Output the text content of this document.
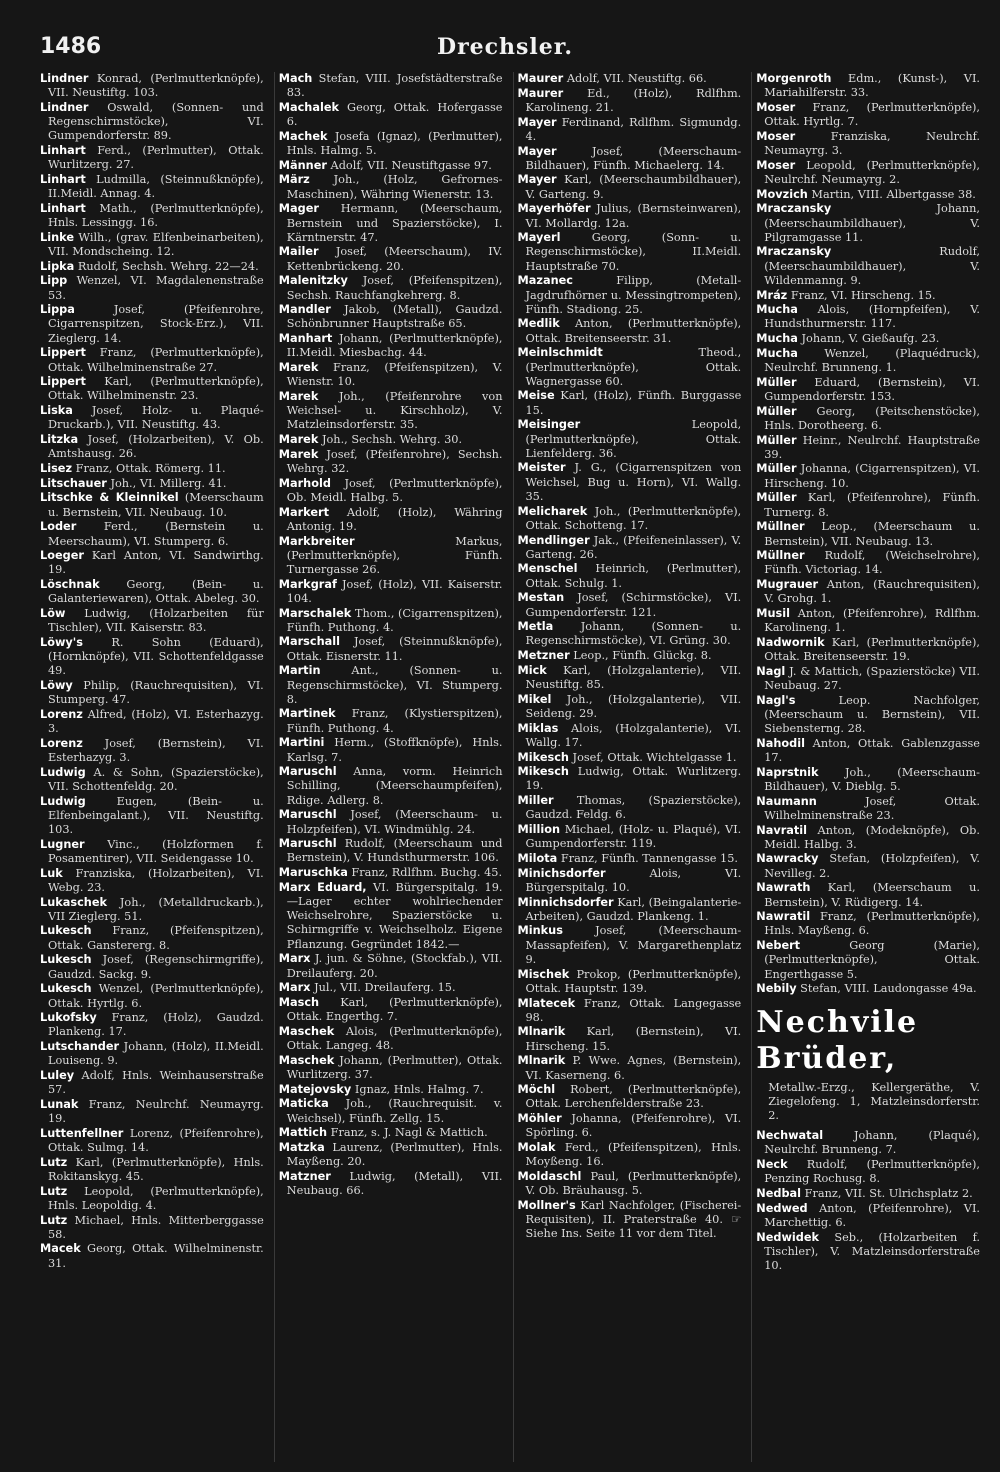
1486	Drechsler.
Lindner Konrad, (Perlmutterknöpfe), VII. Neustiftg. 103.
Lindner Oswald, (Sonnen- und Regenschirmstöcke), VI. Gumpendorferstr. 89.
Linhart Ferd., (Perlmutter), Ottak. Wurlitzerg. 27.
Linhart Ludmilla, (Steinnußknöpfe), II.Meidl. Annag. 4.
Linhart Math., (Perlmutterknöpfe), Hnls. Lessingg. 16.
Linke Wilh., (grav. Elfenbeinarbeiten), VII. Mondscheing. 12.
Lipka Rudolf, Sechsh. Wehrg. 22—24.
Lipp Wenzel, VI. Magdalenenstraße 53.
Lippa	Josef, (Pfeifenrohre, Cigarrenspitzen, Stock-Erz.), VII. Zieglerg. 14.
Lippert Franz, (Perlmutterknöpfe), Ottak. Wilhelminenstraße 27.
Lippert Karl, (Perlmutterknöpfe), Ottak. Wilhelminenstr. 23.
Liska Josef, Holz- u. Plaqué-Druckarb.), VII. Neustiftg. 43.
Litzka Josef, (Holzarbeiten), V. Ob. Amtshausg. 26.
Lisez Franz, Ottak. Römerg. 11.
Litschauer Joh., VI. Millerg. 41.
Litschke & Kleinnikel (Meerschaum u. Bernstein, VII. Neubaug. 10.
Loder Ferd., (Bernstein u. Meerschaum), VI. Stumperg. 6.
Loeger Karl Anton, VI. Sandwirthg. 19.
Löschnak Georg, (Bein- u. Galanteriewaren), Ottak. Abeleg. 30.
Löw Ludwig, (Holzarbeiten für Tischler), VII. Kaiserstr. 83.
Löwy's	R. Sohn (Eduard), (Hornknöpfe), VII. Schottenfeldgasse 49.
Löwy Philip, (Rauchrequisiten), VI. Stumperg. 47.
Lorenz Alfred, (Holz), VI. Esterhazyg. 3.
Lorenz Josef, (Bernstein), VI. Esterhazyg. 3.
Ludwig A. & Sohn, (Spazierstöcke), VII. Schottenfeldg. 20.
Ludwig	Eugen, (Bein- u. Elfenbeingalant.), VII. Neustiftg. 103.
Lugner Vinc., (Holzformen f. Posamentirer), VII. Seidengasse 10.
Luk Franziska, (Holzarbeiten), VI. Webg. 23.
Lukaschek Joh., (Metalldruckarb.), VII Zieglerg. 51.
Lukesch Franz, (Pfeifenspitzen), Ottak. Ganstererg. 8.
Lukesch Josef, (Regenschirmgriffe), Gaudzd. Sackg. 9.
Lukesch Wenzel, (Perlmutterknöpfe), Ottak. Hyrtlg. 6.
Lukofsky Franz, (Holz), Gaudzd. Plankeng. 17.
Lutschander Johann, (Holz), II.Meidl. Louiseng. 9.
Luley Adolf, Hnls. Weinhauserstraße 57.
Lunak Franz, Neulrchf. Neumayrg. 19.
Luttenfellner Lorenz, (Pfeifenrohre), Ottak. Sulmg. 14.
Lutz Karl, (Perlmutterknöpfe), Hnls. Rokitanskyg. 45.
Lutz Leopold, (Perlmutterknöpfe), Hnls. Leopoldig. 4.
Lutz Michael, Hnls. Mitterberggasse 58.
Macek Georg, Ottak. Wilhelminenstr. 31.
Mach Stefan, VIII. Josefstädterstraße 83.
Machalek Georg, Ottak. Hofergasse 6.
Machek Josefa (Ignaz), (Perlmutter), Hnls. Halmg. 5.
Männer Adolf, VII. Neustiftgasse 97.
März Joh., (Holz, Gefrornes-Maschinen), Währing Wienerstr. 13.
Mager Hermann, (Meerschaum, Bernstein und Spazierstöcke), I. Kärntnerstr. 47.
Mailer Josef, (Meerschaum), IV. Kettenbrückeng. 20.
Malenitzky Josef, (Pfeifenspitzen), Sechsh. Rauchfangkehrerg. 8.
Mandler Jakob, (Metall), Gaudzd. Schönbrunner Hauptstraße 65.
Manhart Johann, (Perlmutterknöpfe), II.Meidl. Miesbachg. 44.
Marek Franz, (Pfeifenspitzen), V. Wienstr. 10.
Marek Joh., (Pfeifenrohre von Weichsel- u. Kirschholz), V. Matzleinsdorferstr. 35.
Marek Joh., Sechsh. Wehrg. 30.
Marek Josef, (Pfeifenrohre), Sechsh. Wehrg. 32.
Marhold Josef, (Perlmutterknöpfe), Ob. Meidl. Halbg. 5.
Markert Adolf, (Holz), Währing Antonig. 19.
Markbreiter	Markus, (Perlmutterknöpfe), Fünfh. Turnergasse 26.
Markgraf Josef, (Holz), VII. Kaiserstr. 104.
Marschalek Thom., (Cigarrenspitzen), Fünfh. Puthong. 4.
Marschall Josef, (Steinnußknöpfe), Ottak. Eisnerstr. 11.
Martin	Ant., (Sonnen- u. Regenschirmstöcke), VI. Stumperg. 8.
Martinek Franz, (Klystierspitzen), Fünfh. Puthong. 4.
Martini Herm., (Stoffknöpfe), Hnls. Karlsg. 7.
Maruschl Anna, vorm. Heinrich Schilling, (Meerschaumpfeifen), Rdige. Adlerg. 8.
Maruschl Josef, (Meerschaum- u. Holzpfeifen), VI. Windmühlg. 24.
Maruschl Rudolf, (Meerschaum und Bernstein), V. Hundsthurmerstr. 106.
Maruschka Franz, Rdlfhm. Buchg. 45.
Marx Eduard, VI. Bürgerspitalg. 19. —Lager echter wohlriechender Weichselrohre, Spazierstöcke u. Schirmgriffe v. Weichselholz. Eigene Pflanzung. Gegründet 1842.—
Marx J. jun. & Söhne, (Stockfab.), VII. Dreilauferg. 20.
Marx Jul., VII. Dreilauferg. 15.
Masch Karl, (Perlmutterknöpfe), Ottak. Engerthg. 7.
Maschek Alois, (Perlmutterknöpfe), Ottak. Langeg. 48.
Maschek Johann, (Perlmutter), Ottak. Wurlitzerg. 37.
Matejovsky Ignaz, Hnls. Halmg. 7.
Maticka Joh., (Rauchrequisit. v. Weichsel), Fünfh. Zellg. 15.
Mattich Franz, s. J. Nagl & Mattich.
Matzka Laurenz, (Perlmutter), Hnls. Mayßeng. 20.
Matzner Ludwig, (Metall), VII. Neubaug. 66.
Maurer Adolf, VII. Neustiftg. 66.
Maurer Ed., (Holz), Rdlfhm. Karolineng. 21.
Mayer Ferdinand, Rdlfhm. Sigmundg. 4.
Mayer	Josef, (Meerschaum-Bildhauer), Fünfh. Michaelerg. 14.
Mayer Karl, (Meerschaumbildhauer), V. Garteng. 9.
Mayerhöfer Julius, (Bernsteinwaren), VI. Mollardg. 12a.
Mayerl	Georg, (Sonn- u. Regenschirmstöcke), II.Meidl. Hauptstraße 70.
Mazanec	Filipp, (Metall-Jagdrufhörner u. Messingtrompeten), Fünfh. Stadiong. 25.
Medlik Anton, (Perlmutterknöpfe), Ottak. Breitenseerstr. 31.
Meinlschmidt	Theod., (Perlmutterknöpfe), Ottak. Wagnergasse 60.
Meise Karl, (Holz), Fünfh. Burggasse 15.
Meisinger	Leopold, (Perlmutterknöpfe), Ottak. Lienfelderg. 36.
Meister J. G., (Cigarrenspitzen von Weichsel, Bug u. Horn), VI. Wallg. 35.
Melicharek Joh., (Perlmutterknöpfe), Ottak. Schotteng. 17.
Mendlinger Jak., (Pfeifeneinlasser), V. Garteng. 26.
Menschel Heinrich, (Perlmutter), Ottak. Schulg. 1.
Mestan Josef, (Schirmstöcke), VI. Gumpendorferstr. 121.
Metla Johann, (Sonnen- u. Regenschirmstöcke), VI. Grüng. 30.
Metzner Leop., Fünfh. Glückg. 8.
Mick Karl, (Holzgalanterie), VII. Neustiftg. 85.
Mikel Joh., (Holzgalanterie), VII. Seideng. 29.
Miklas Alois, (Holzgalanterie), VI. Wallg. 17.
Mikesch Josef, Ottak. Wichtelgasse 1.
Mikesch Ludwig, Ottak. Wurlitzerg. 19.
Miller Thomas, (Spazierstöcke), Gaudzd. Feldg. 6.
Million Michael, (Holz- u. Plaqué), VI. Gumpendorferstr. 119.
Milota Franz, Fünfh. Tannengasse 15.
Minichsdorfer	Alois, VI. Bürgerspitalg. 10.
Minnichsdorfer Karl, (Beingalanterie-Arbeiten), Gaudzd. Plankeng. 1.
Minkus	Josef, (Meerschaum-Massapfeifen), V. Margarethenplatz 9.
Mischek Prokop, (Perlmutterknöpfe), Ottak. Hauptstr. 139.
Mlatecek Franz, Ottak. Langegasse 98.
Mlnarik Karl, (Bernstein), VI. Hirscheng. 15.
Mlnarik P. Wwe. Agnes, (Bernstein), VI. Kaserneng. 6.
Möchl Robert, (Perlmutterknöpfe), Ottak. Lerchenfelderstraße 23.
Möhler Johanna, (Pfeifenrohre), VI. Spörling. 6.
Molak Ferd., (Pfeifenspitzen), Hnls. Moyßeng. 16.
Moldaschl Paul, (Perlmutterknöpfe), V. Ob. Bräuhausg. 5.
Mollner's Karl Nachfolger, (Fischerei-Requisiten), II. Praterstraße 40. ☞ Siehe Ins. Seite 11 vor dem Titel.
Morgenroth Edm., (Kunst-), VI. Mariahilferstr. 33.
Moser Franz, (Perlmutterknöpfe), Ottak. Hyrtlg. 7.
Moser	Franziska, Neulrchf. Neumayrg. 3.
Moser Leopold, (Perlmutterknöpfe), Neulrchf. Neumayrg. 2.
Movzich Martin, VIII. Albertgasse 38.
Mraczansky	Johann, (Meerschaumbildhauer), V. Pilgramgasse 11.
Mraczansky	Rudolf, (Meerschaumbildhauer), V. Wildenmanng. 9.
Mráz Franz, VI. Hirscheng. 15.
Mucha Alois, (Hornpfeifen), V. Hundsthurmerstr. 117.
Mucha Johann, V. Gießaufg. 23.
Mucha Wenzel, (Plaquédruck), Neulrchf. Brunneng. 1.
Müller Eduard, (Bernstein), VI. Gumpendorferstr. 153.
Müller Georg, (Peitschenstöcke), Hnls. Dorotheerg. 6.
Müller Heinr., Neulrchf. Hauptstraße 39.
Müller Johanna, (Cigarrenspitzen), VI. Hirscheng. 10.
Müller Karl, (Pfeifenrohre), Fünfh. Turnerg. 8.
Müllner Leop., (Meerschaum u. Bernstein), VII. Neubaug. 13.
Müllner Rudolf, (Weichselrohre), Fünfh. Victoriag. 14.
Mugrauer Anton, (Rauchrequisiten), V. Grohg. 1.
Musil Anton, (Pfeifenrohre), Rdlfhm. Karolineng. 1.
Nadwornik Karl, (Perlmutterknöpfe), Ottak. Breitenseerstr. 19.
Nagl J. & Mattich, (Spazierstöcke) VII. Neubaug. 27.
Nagl's	Leop. Nachfolger, (Meerschaum u. Bernstein), VII. Siebensterng. 28.
Nahodil Anton, Ottak. Gablenzgasse 17.
Naprstnik Joh., (Meerschaum-Bildhauer), V. Dieblg. 5.
Naumann	Josef, Ottak. Wilhelminenstraße 23.
Navratil Anton, (Modeknöpfe), Ob. Meidl. Halbg. 3.
Nawracky Stefan, (Holzpfeifen), V. Nevilleg. 2.
Nawrath Karl, (Meerschaum u. Bernstein), V. Rüdigerg. 14.
Nawratil Franz, (Perlmutterknöpfe), Hnls. Mayßeng. 6.
Nebert	Georg (Marie), (Perlmutterknöpfe), Ottak. Engerthgasse 5.
Nebily Stefan, VIII. Laudongasse 49a.
Nechvile Brüder,
Metallw.-Erzg., Kellergeräthe, V. Ziegelofeng. 1, Matzleinsdorferstr. 2.
Nechwatal	Johann, (Plaqué), Neulrchf. Brunneng. 7.
Neck Rudolf, (Perlmutterknöpfe), Penzing Rochusg. 8.
Nedbal Franz, VII. St. Ulrichsplatz 2.
Nedwed Anton, (Pfeifenrohre), VI. Marchettig. 6.
Nedwidek Seb., (Holzarbeiten f. Tischler), V. Matzleinsdorferstraße 10.
